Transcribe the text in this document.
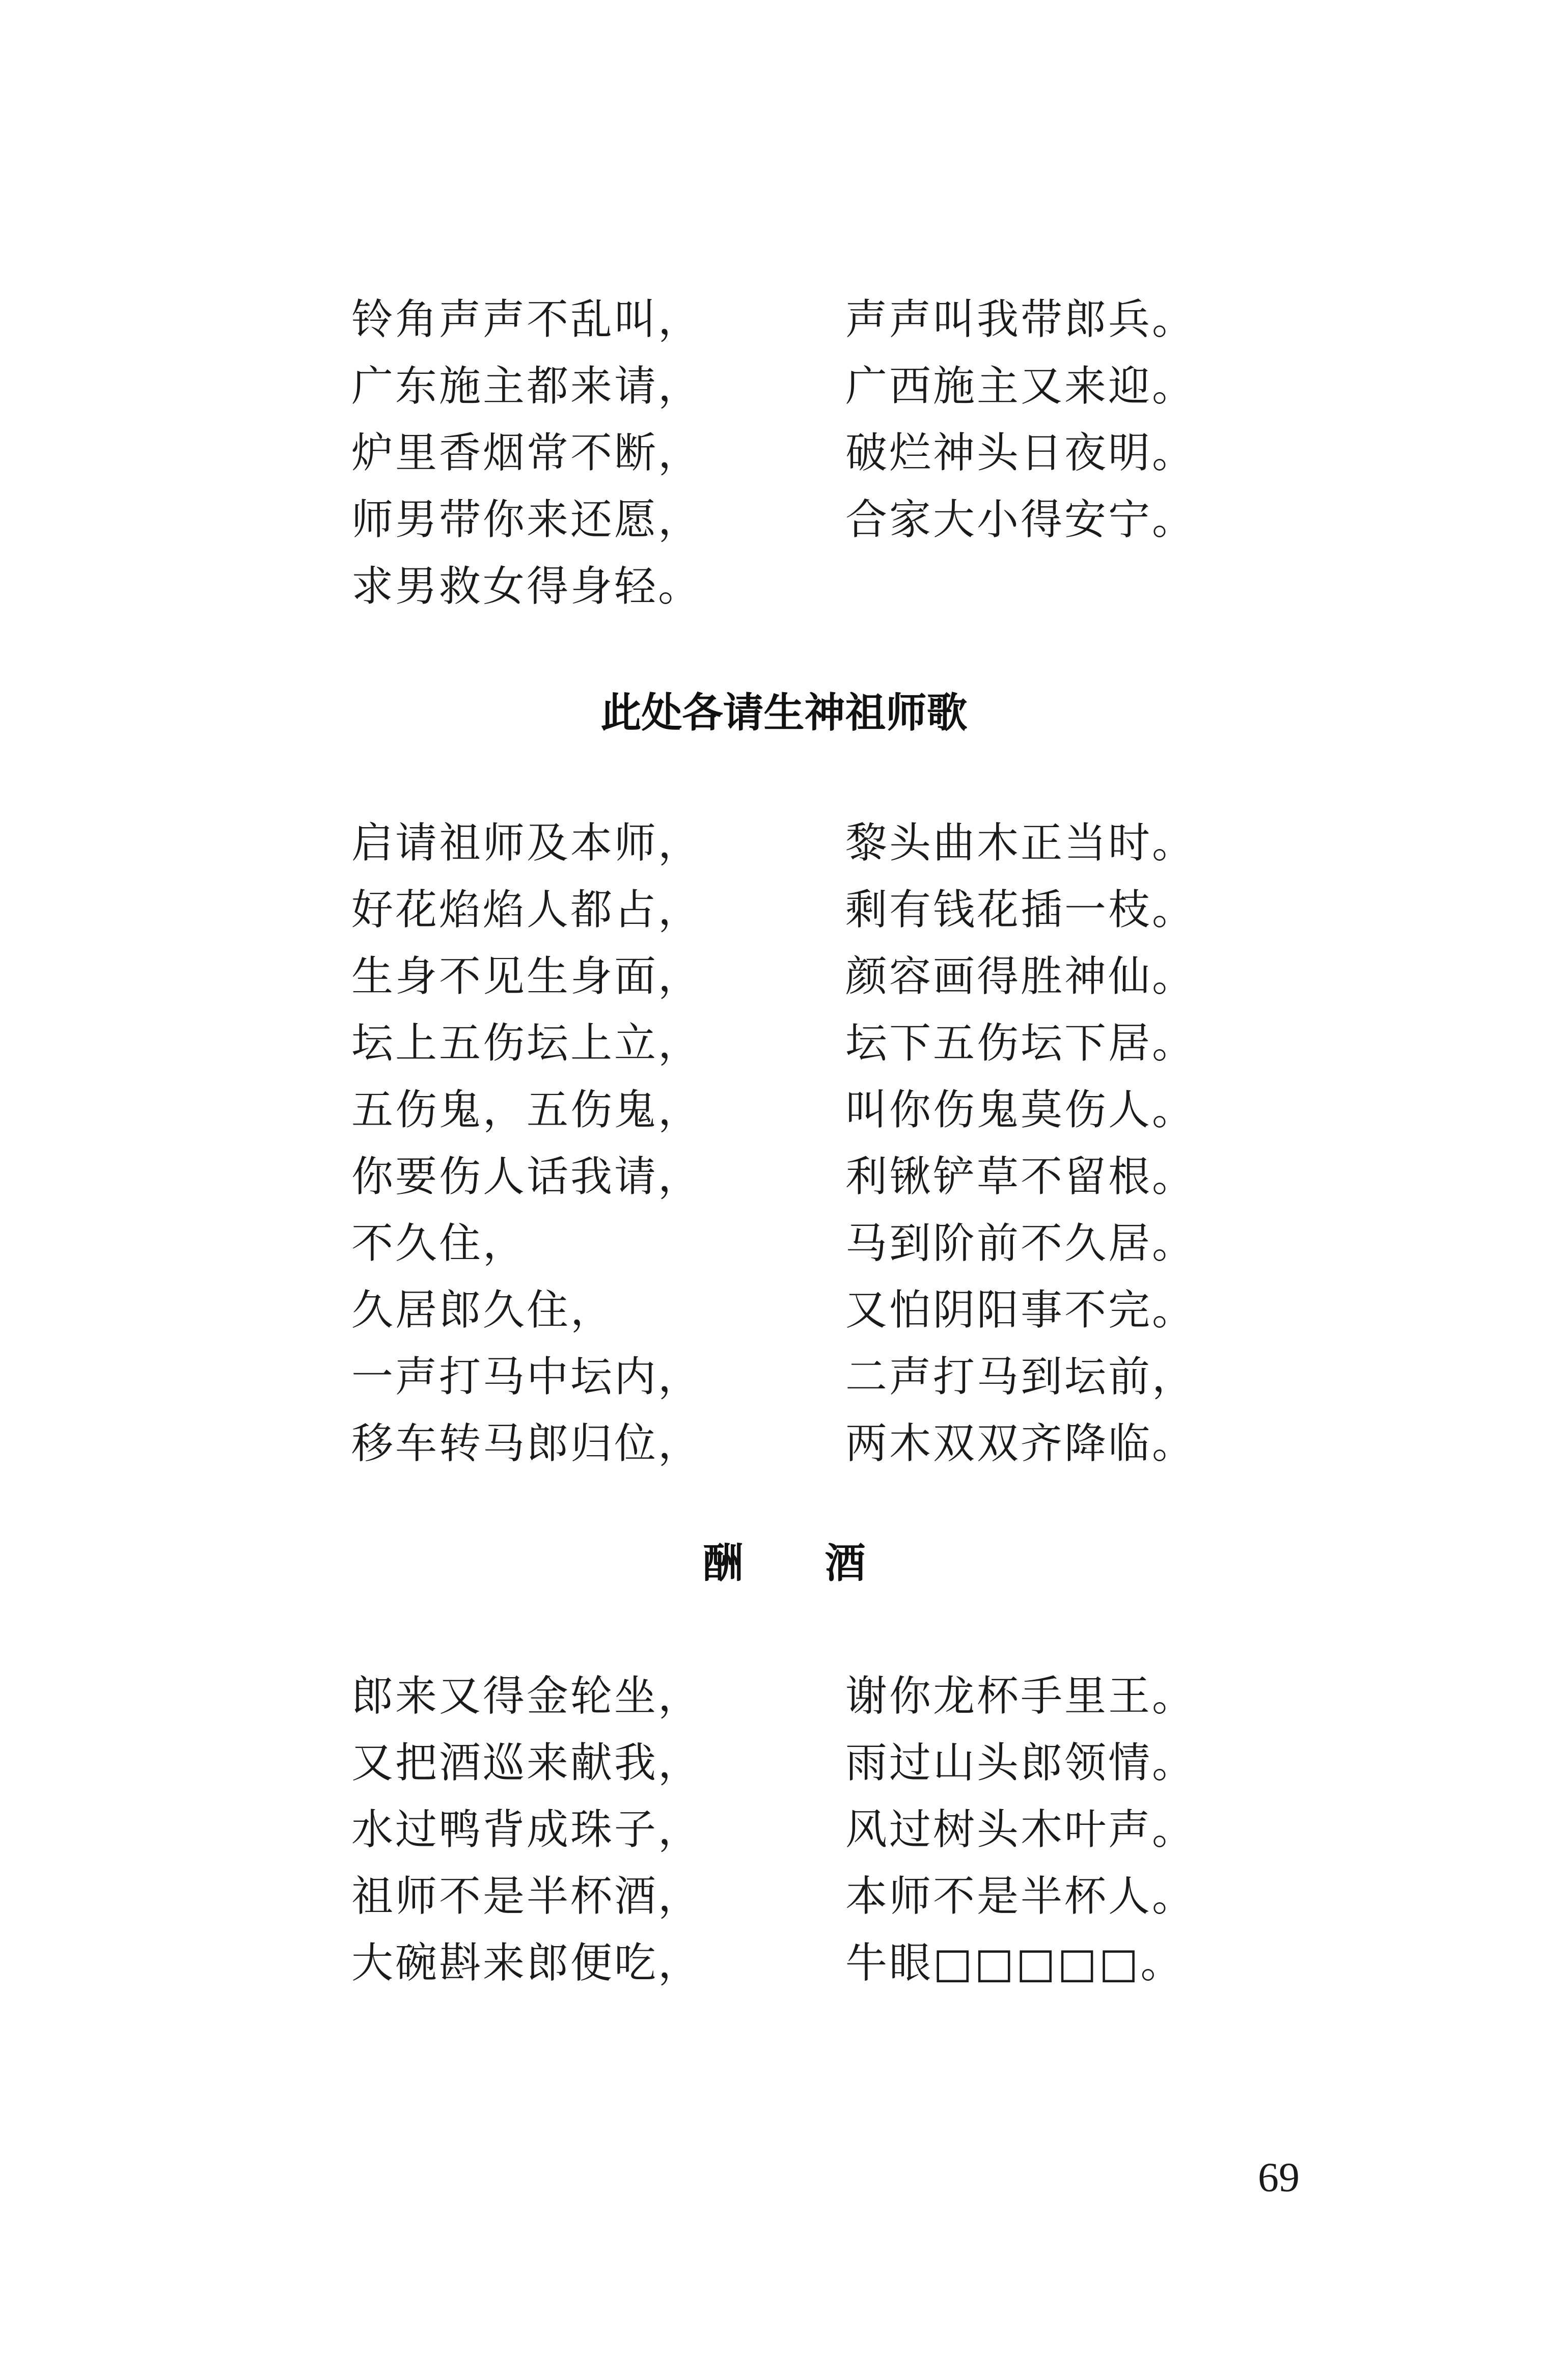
铃角声声不乱叫，	声声叫我带郎兵。
广东施主都来请，	广西施主又来迎。
炉里香烟常不断，	破烂神头日夜明。
师男带你来还愿，	合家大小得安宁。
求男救女得身轻。
此处各请生神祖师歌
启请祖师及本师，	黎头曲木正当时。
好花焰焰人都占，	剩有钱花插一枝。
生身不见生身面，	颜容画得胜神仙。
坛上五伤坛上立，	坛下五伤坛下居。
五伤鬼，五伤鬼，	叫你伤鬼莫伤人。
你要伤人话我请，	利锹铲草不留根。
不久住，	马到阶前不久居。
久居郎久住，	又怕阴阳事不完。
一声打马中坛内，	二声打马到坛前，
移车转马郎归位，	两木双双齐降临。
酬　　酒
郎来又得金轮坐，	谢你龙杯手里王。
又把酒巡来献我，	雨过山头郎领情。
水过鸭背成珠子，	风过树头木叶声。
祖师不是半杯酒，	本师不是半杯人。
大碗斟来郎便吃，	牛眼□□□□□。
69
